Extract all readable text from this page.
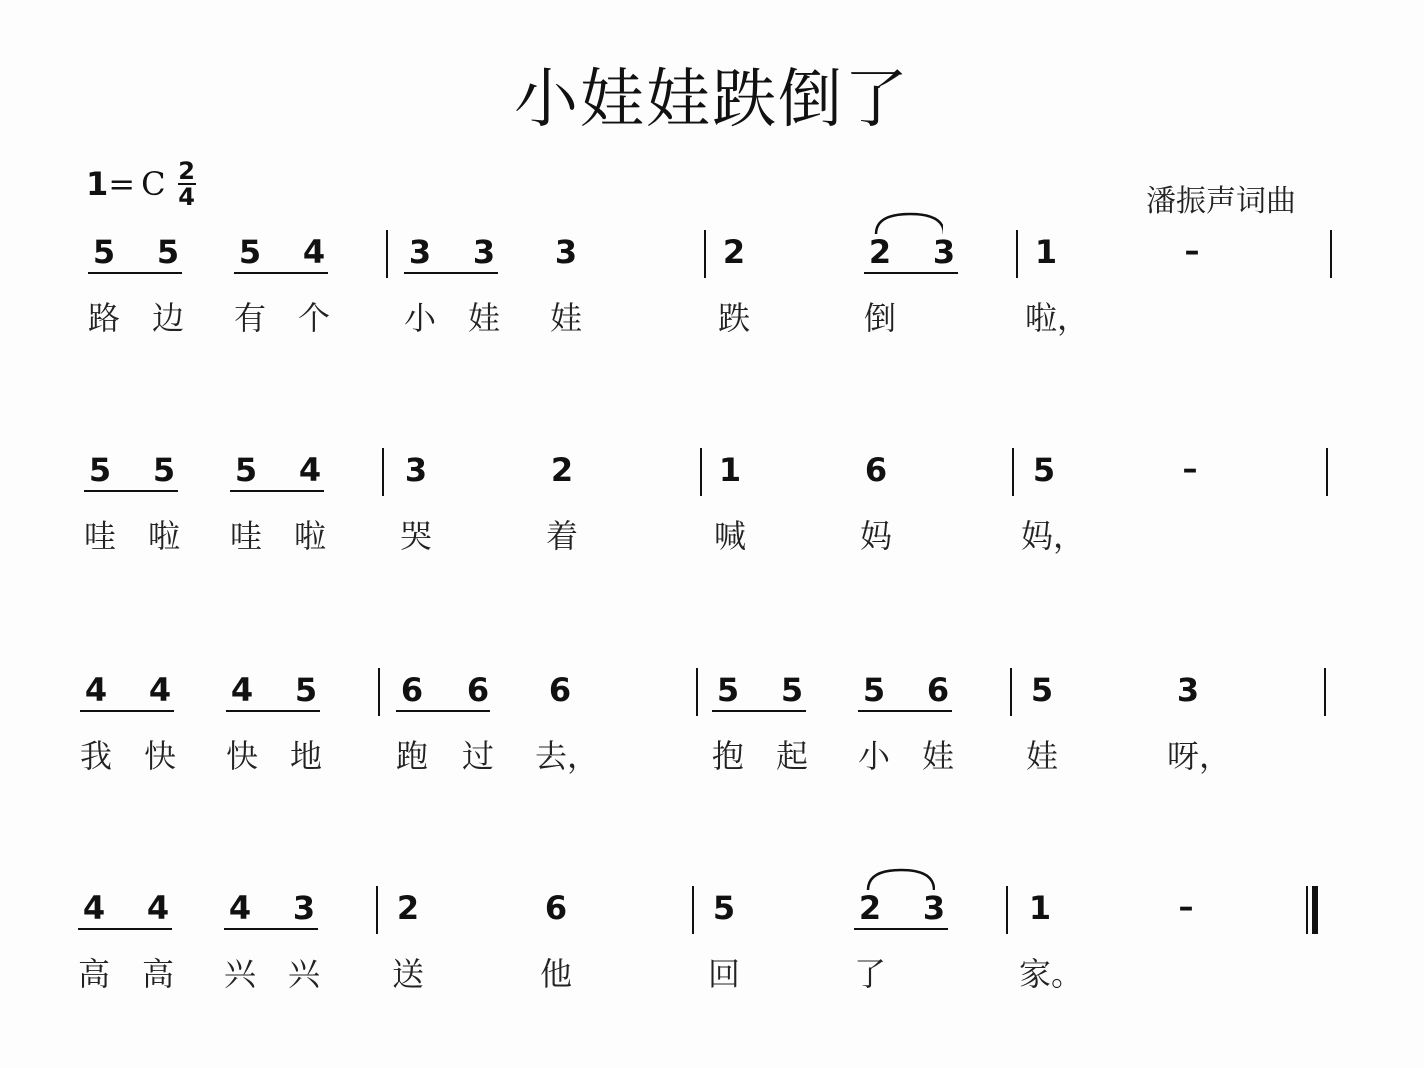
小娃娃跌倒了
1 = C $\frac{2}{4}$	潘振声词曲
5 5 5 4	3 3 3	2	2 3 1	–
路 边 有 个 小 娃 娃	跌	倒	啦，
5 5 5 4	3	2	1	6	5	–
哇 啦 哇 啦 哭	着	喊	妈	妈，
4 4 4 5	6 6 6	5 5 5 6	5	3
我 快 快 地 跑 过 去，	抱 起 小 娃 娃	呀，
4 4 4 3	2	6	5	2 3	1	–
高 高 兴 兴 送	他	回	了	家。
